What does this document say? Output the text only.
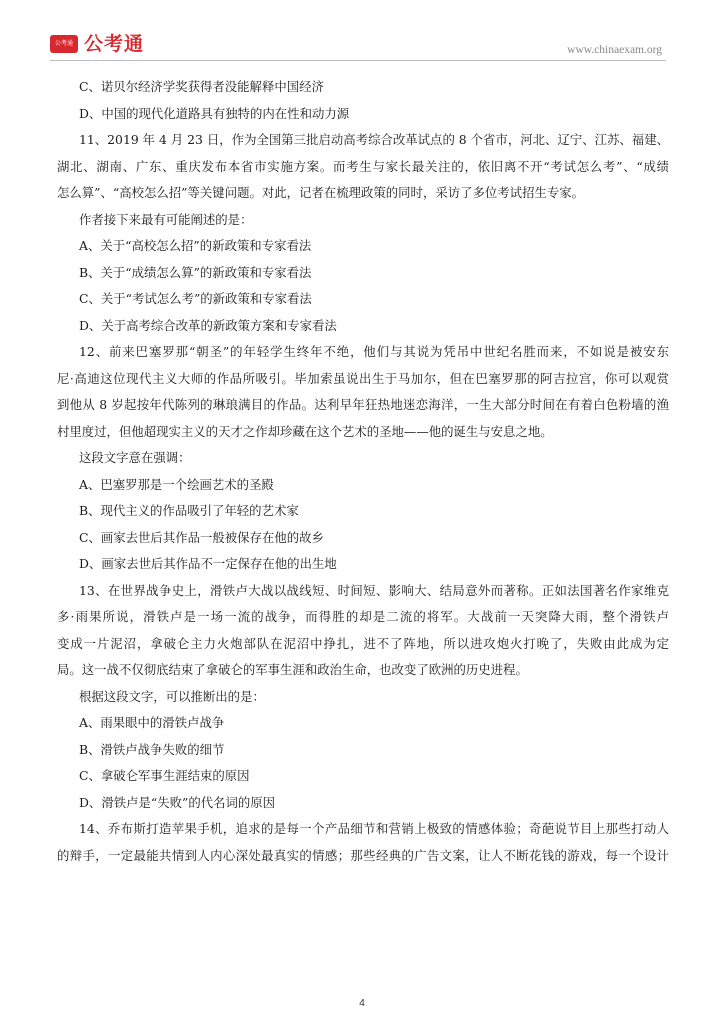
公考通 公考通	www.chinaexam.org
C、诺贝尔经济学奖获得者没能解释中国经济
D、中国的现代化道路具有独特的内在性和动力源
11、2019 年 4 月 23 日，作为全国第三批启动高考综合改革试点的 8 个省市，河北、辽宁、江苏、福建、
湖北、湖南、广东、重庆发布本省市实施方案。而考生与家长最关注的，依旧离不开“考试怎么考”、“成绩
怎么算”、“高校怎么招”等关键问题。对此，记者在梳理政策的同时，采访了多位考试招生专家。
作者接下来最有可能阐述的是：
A、关于“高校怎么招”的新政策和专家看法
B、关于“成绩怎么算”的新政策和专家看法
C、关于“考试怎么考”的新政策和专家看法
D、关于高考综合改革的新政策方案和专家看法
12、前来巴塞罗那“朝圣”的年轻学生终年不绝，他们与其说为凭吊中世纪名胜而来，不如说是被安东
尼·高迪这位现代主义大师的作品所吸引。毕加索虽说出生于马加尔，但在巴塞罗那的阿吉拉宫，你可以观赏
到他从 8 岁起按年代陈列的琳琅满目的作品。达利早年狂热地迷恋海洋，一生大部分时间在有着白色粉墙的渔
村里度过，但他超现实主义的天才之作却珍藏在这个艺术的圣地——他的诞生与安息之地。
这段文字意在强调：
A、巴塞罗那是一个绘画艺术的圣殿
B、现代主义的作品吸引了年轻的艺术家
C、画家去世后其作品一般被保存在他的故乡
D、画家去世后其作品不一定保存在他的出生地
13、在世界战争史上，滑铁卢大战以战线短、时间短、影响大、结局意外而著称。正如法国著名作家维克
多·雨果所说，滑铁卢是一场一流的战争，而得胜的却是二流的将军。大战前一天突降大雨，整个滑铁卢
变成一片泥沼，拿破仑主力火炮部队在泥沼中挣扎，进不了阵地，所以进攻炮火打晚了，失败由此成为定
局。这一战不仅彻底结束了拿破仑的军事生涯和政治生命，也改变了欧洲的历史进程。
根据这段文字，可以推断出的是：
A、雨果眼中的滑铁卢战争
B、滑铁卢战争失败的细节
C、拿破仑军事生涯结束的原因
D、滑铁卢是“失败”的代名词的原因
14、乔布斯打造苹果手机，追求的是每一个产品细节和营销上极致的情感体验；奇葩说节目上那些打动人
的辩手，一定最能共情到人内心深处最真实的情感；那些经典的广告文案，让人不断花钱的游戏，每一个设计
4
